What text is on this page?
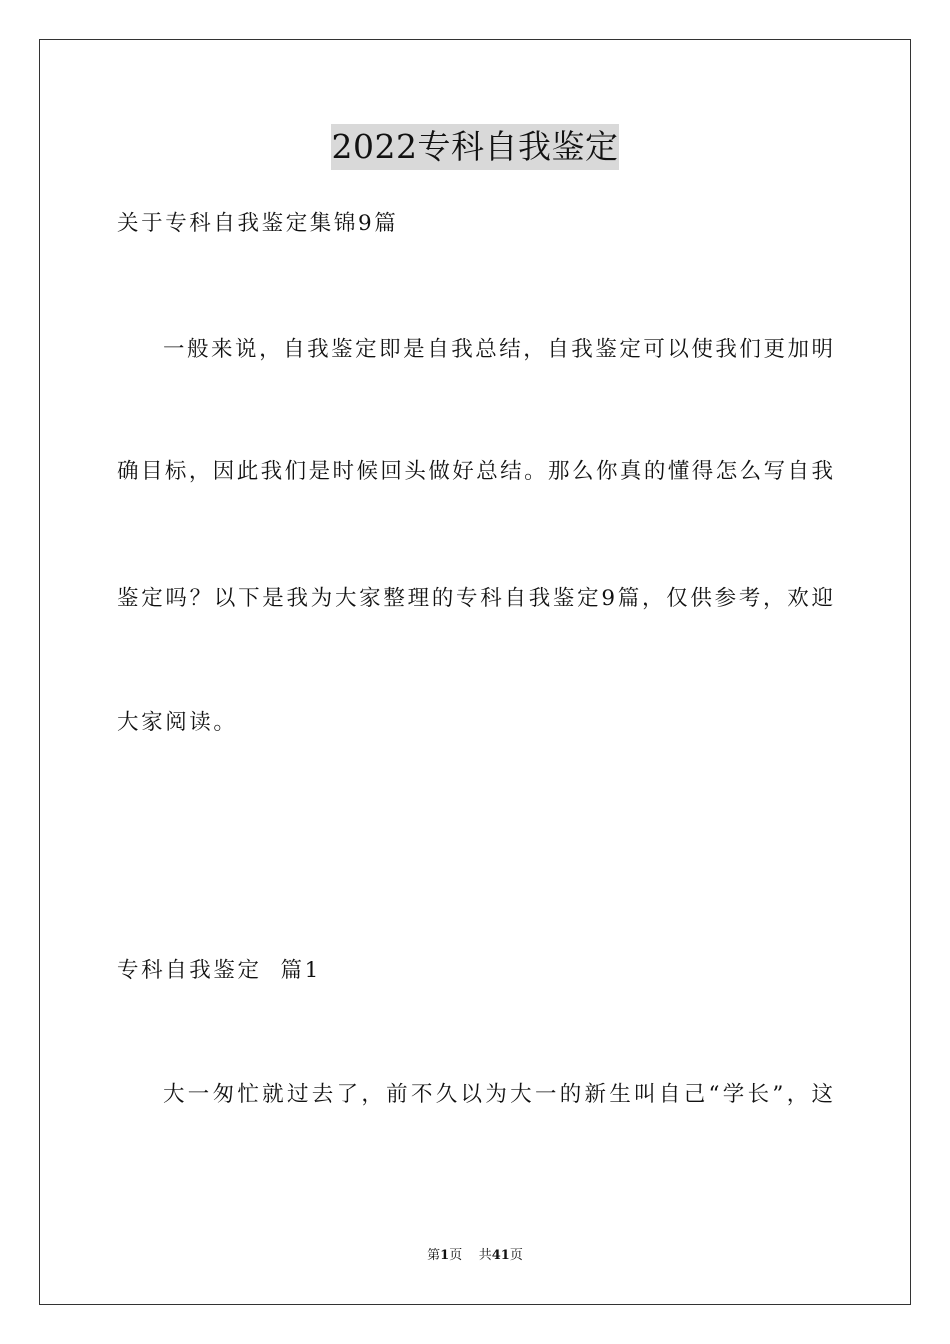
2022专科自我鉴定
关于专科自我鉴定集锦9篇
一般来说，自我鉴定即是自我总结，自我鉴定可以使我们更加明
确目标，因此我们是时候回头做好总结。那么你真的懂得怎么写自我
鉴定吗？以下是我为大家整理的专科自我鉴定9篇，仅供参考，欢迎
大家阅读。
专科自我鉴定  篇1
大一匆忙就过去了，前不久以为大一的新生叫自己“学长”，这
第1页 共41页
